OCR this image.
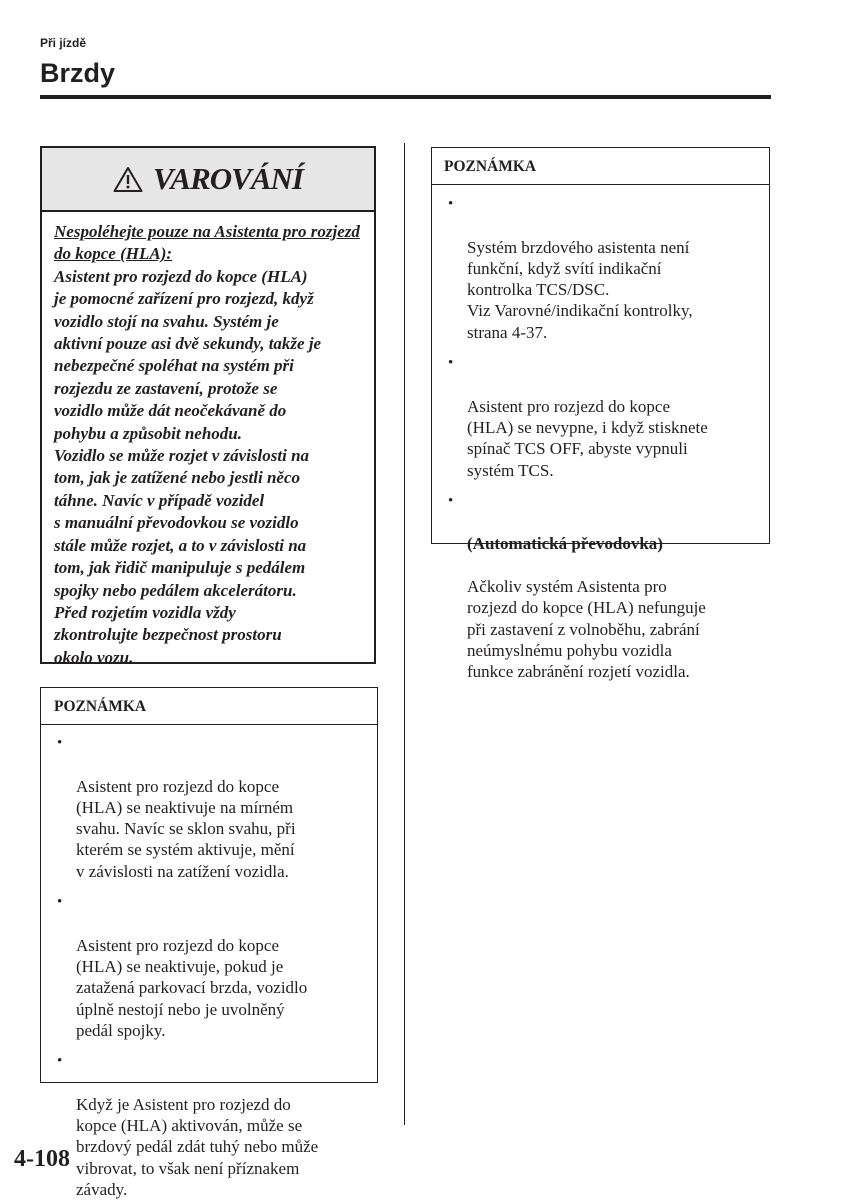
Při jízdě
Brzdy
VAROVÁNÍ
Nespoléhejte pouze na Asistenta pro rozjezd do kopce (HLA):
Asistent pro rozjezd do kopce (HLA)
je pomocné zařízení pro rozjezd, když
vozidlo stojí na svahu. Systém je
aktivní pouze asi dvě sekundy, takže je
nebezpečné spoléhat na systém při
rozjezdu ze zastavení, protože se
vozidlo může dát neočekávaně do
pohybu a způsobit nehodu.
Vozidlo se může rozjet v závislosti na
tom, jak je zatížené nebo jestli něco
táhne. Navíc v případě vozidel
s manuální převodovkou se vozidlo
stále může rozjet, a to v závislosti na
tom, jak řidič manipuluje s pedálem
spojky nebo pedálem akcelerátoru.
Před rozjetím vozidla vždy
zkontrolujte bezpečnost prostoru
okolo vozu.
POZNÁMKA

•

Asistent pro rozjezd do kopce
(HLA) se neaktivuje na mírném
svahu. Navíc se sklon svahu, při
kterém se systém aktivuje, mění
v závislosti na zatížení vozidla.

•

Asistent pro rozjezd do kopce
(HLA) se neaktivuje, pokud je
zatažená parkovací brzda, vozidlo
úplně nestojí nebo je uvolněný
pedál spojky.

•

Když je Asistent pro rozjezd do
kopce (HLA) aktivován, může se
brzdový pedál zdát tuhý nebo může
vibrovat, to však není příznakem
závady.

POZNÁMKA

•

Systém brzdového asistenta není
funkční, když svítí indikační
kontrolka TCS/DSC.
Viz Varovné/indikační kontrolky,
strana 4-37.

•

Asistent pro rozjezd do kopce
(HLA) se nevypne, i když stisknete
spínač TCS OFF, abyste vypnuli
systém TCS.

•

(Automatická převodovka)

Ačkoliv systém Asistenta pro
rozjezd do kopce (HLA) nefunguje
při zastavení z volnoběhu, zabrání
neúmyslnému pohybu vozidla
funkce zabránění rozjetí vozidla.

4-108
